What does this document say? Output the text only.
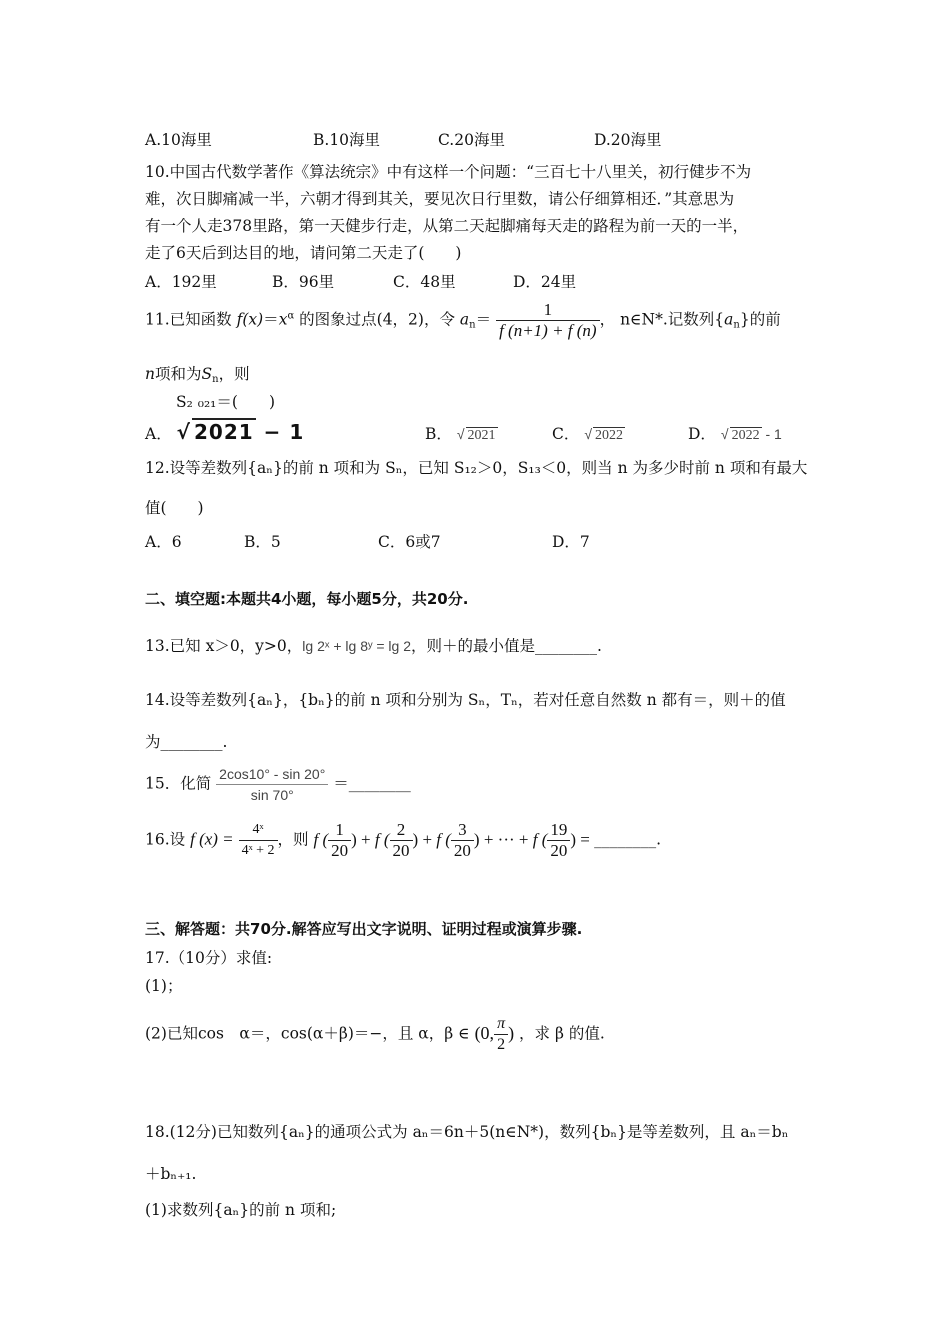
A.10海里	B.10海里	C.20海里	D.20海里
10.中国古代数学著作《算法统宗》中有这样一个问题：“三百七十八里关，初行健步不为
难，次日脚痛减一半，六朝才得到其关，要见次日行里数，请公仔细算相还．”其意思为
有一个人走378里路，第一天健步行走，从第二天起脚痛每天走的路程为前一天的一半，
走了6天后到达目的地，请问第二天走了(　　)
A．192里	B．96里	C．48里	D．24里
11.已知函数 $f(x)=x^\alpha$ 的图象过点(4，2)，令 $a_n= \frac{1}{f (n+1) + f (n)}$ ， n∈N*.记数列$\{a_n\}$的前
n项和为$S_n$，则
S₂ ₀₂₁＝(　　)
A． √ 2021 − 1	B． √ 2021	C． √ 2022	D． √ 2022 - 1
12.设等差数列{aₙ}的前 n 项和为 Sₙ，已知 S₁₂＞0，S₁₃＜0，则当 n 为多少时前 n 项和有最大
值(　　)
A．6	B．5	C．6或7	D．7
二、填空题:本题共4小题，每小题5分，共20分.
13.已知 x＞0，y>0，lg 2ˣ + lg 8ʸ = lg 2，则＋的最小值是________.
14.设等差数列{aₙ}，{bₙ}的前 n 项和分别为 Sₙ，Tₙ，若对任意自然数 n 都有＝，则＋的值
为________.
15．化简 $\frac{2\cos 10^\circ - \sin 20^\circ}{\sin 70^\circ}$ ＝________
16.设 f $(x) = \frac{\text{4ˣ}}{\text{4ˣ + 2}}$ ，则 f ( $\frac{1}{20}$ ) + f ( $\frac{2}{20}$ ) + f ( $\frac{3}{20}$ ) + ··· + f ( $\frac{19}{20}$ ) = ________.
三、解答题：共70分.解答应写出文字说明、证明过程或演算步骤.
17.（10分）求值:
(1)；
(2)已知cos　α＝，cos(α＋β)＝−，且 α，β ∈ (0, $\frac{\pi}{2}$ ) ，求 β 的值.
18.(12分)已知数列{aₙ}的通项公式为 aₙ＝6n＋5(n∈N*)，数列{bₙ}是等差数列，且 aₙ＝bₙ
＋bₙ₊₁.
(1)求数列{aₙ}的前 n 项和;
